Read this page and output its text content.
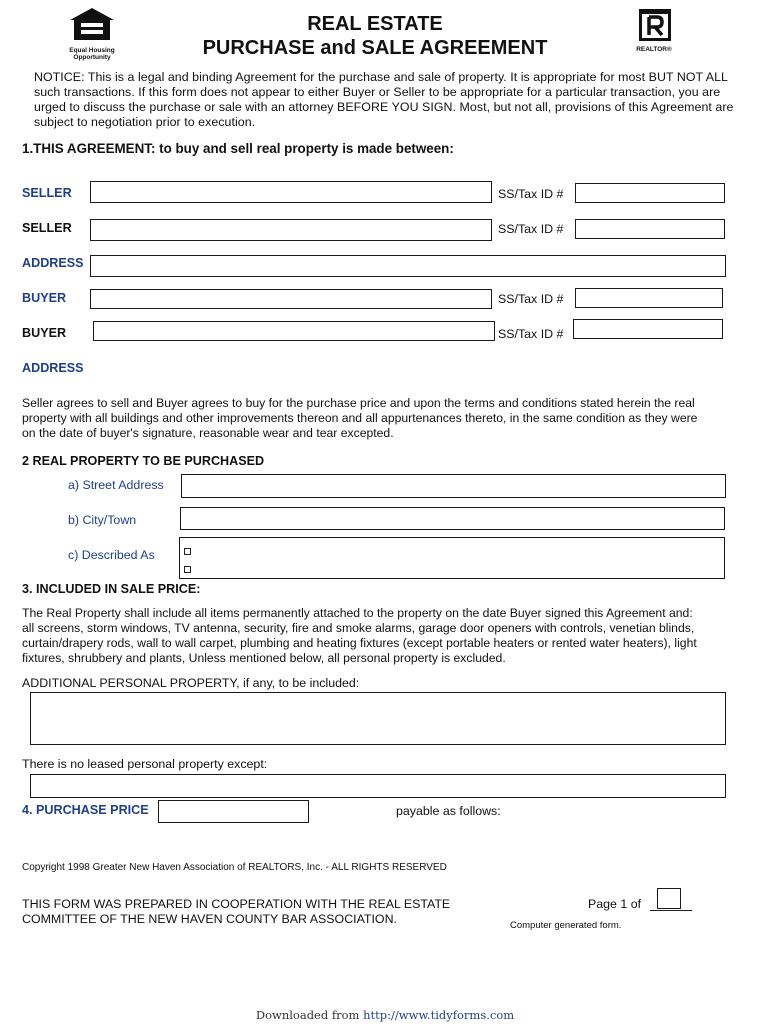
Equal Housing
Opportunity
REAL ESTATE
PURCHASE and SALE AGREEMENT	REALTOR®
NOTICE: This is a legal and binding Agreement for the purchase and sale of property. It is appropriate for most BUT NOT ALL such transactions. If this form does not appear to either Buyer or Seller to be appropriate for a particular transaction, you are urged to discuss the purchase or sale with an attorney BEFORE YOU SIGN. Most, but not all, provisions of this Agreement are subject to negotiation prior to execution.
1.THIS AGREEMENT: to buy and sell real property is made between:
SELLER	SS/Tax ID #
SELLER	SS/Tax ID #
ADDRESS
BUYER	SS/Tax ID #
BUYER	SS/Tax ID #
ADDRESS
Seller agrees to sell and Buyer agrees to buy for the purchase price and upon the terms and conditions stated herein the real property with all buildings and other improvements thereon and all appurtenances thereto, in the same condition as they were on the date of buyer's signature, reasonable wear and tear excepted.
2 REAL PROPERTY TO BE PURCHASED
a) Street Address
b) City/Town
c) Described As
3. INCLUDED IN SALE PRICE:
The Real Property shall include all items permanently attached to the property on the date Buyer signed this Agreement and: all screens, storm windows, TV antenna, security, fire and smoke alarms, garage door openers with controls, venetian blinds, curtain/drapery rods, wall to wall carpet, plumbing and heating fixtures (except portable heaters or rented water heaters), light fixtures, shrubbery and plants, Unless mentioned below, all personal property is excluded.
ADDITIONAL PERSONAL PROPERTY, if any, to be included:
There is no leased personal property except:
4. PURCHASE PRICE	payable as follows:
Copyright 1998 Greater New Haven Association of REALTORS, Inc. - ALL RIGHTS RESERVED
THIS FORM WAS PREPARED IN COOPERATION WITH THE REAL ESTATE
COMMITTEE OF THE NEW HAVEN COUNTY BAR ASSOCIATION.
Page 1 of
Computer generated form.
Downloaded from http://www.tidyforms.com
